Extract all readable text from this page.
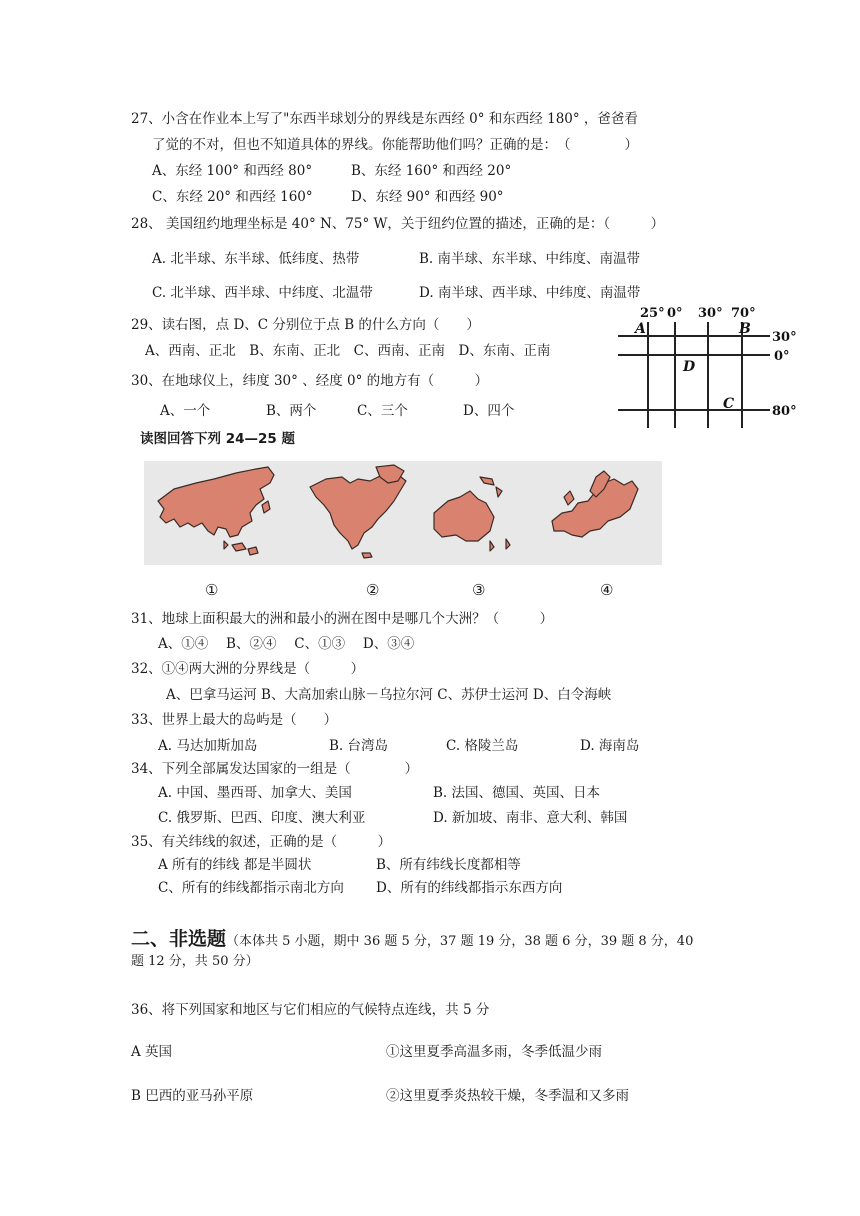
27、小含在作业本上写了"东西半球划分的界线是东西经 0° 和东西经 180° ，爸爸看
了觉的不对，但也不知道具体的界线。你能帮助他们吗？正确的是：　（　　　　）
A、东经 100° 和西经 80°	B、东经 160° 和西经 20°
C、东经 20° 和西经 160°	D、东经 90° 和西经 90°
28、 美国纽约地理坐标是 40° N、75° W，关于纽约位置的描述，正确的是：（　　　）
A. 北半球、东半球、低纬度、热带	B. 南半球、东半球、中纬度、南温带
C. 北半球、西半球、中纬度、北温带	D. 南半球、西半球、中纬度、南温带
29、读右图，点 D、C 分别位于点 B 的什么方向（　　）
A、西南、正北　B、东南、正北　C、西南、正南　D、东南、正南
30、在地球仪上，纬度 30° 、经度 0° 的地方有（　　　）
A、一个	B、两个	C、三个	D、四个
25° 0° 30° 70°
30°
0°
80°
A	B
D
C
读图回答下列 24—25 题
①	②	③	④
31、地球上面积最大的洲和最小的洲在图中是哪几个大洲？（　　　）
A、①④　 B、②④　 C、①③　 D、③④
32、①④两大洲的分界线是（　　　）
A、巴拿马运河 B、大高加索山脉－乌拉尔河 C、苏伊士运河 D、白令海峡
33、世界上最大的岛屿是（　　）
A. 马达加斯加岛	B. 台湾岛	C. 格陵兰岛	D. 海南岛
34、下列全部属发达国家的一组是（　　　　）
A. 中国、墨西哥、加拿大、美国	B. 法国、德国、英国、日本
C. 俄罗斯、巴西、印度、澳大利亚	D. 新加坡、南非、意大利、韩国
35、有关纬线的叙述，正确的是（　　　）
A 所有的纬线 都是半圆状	B、所有纬线长度都相等
C、所有的纬线都指示南北方向 D、所有的纬线都指示东西方向
二、非选题（本体共 5 小题，期中 36 题 5 分，37 题 19 分，38 题 6 分，39 题 8 分，40
题 12 分，共 50 分）
36、将下列国家和地区与它们相应的气候特点连线，共 5 分
A 英国	①这里夏季高温多雨，冬季低温少雨
B 巴西的亚马孙平原	②这里夏季炎热较干燥，冬季温和又多雨
